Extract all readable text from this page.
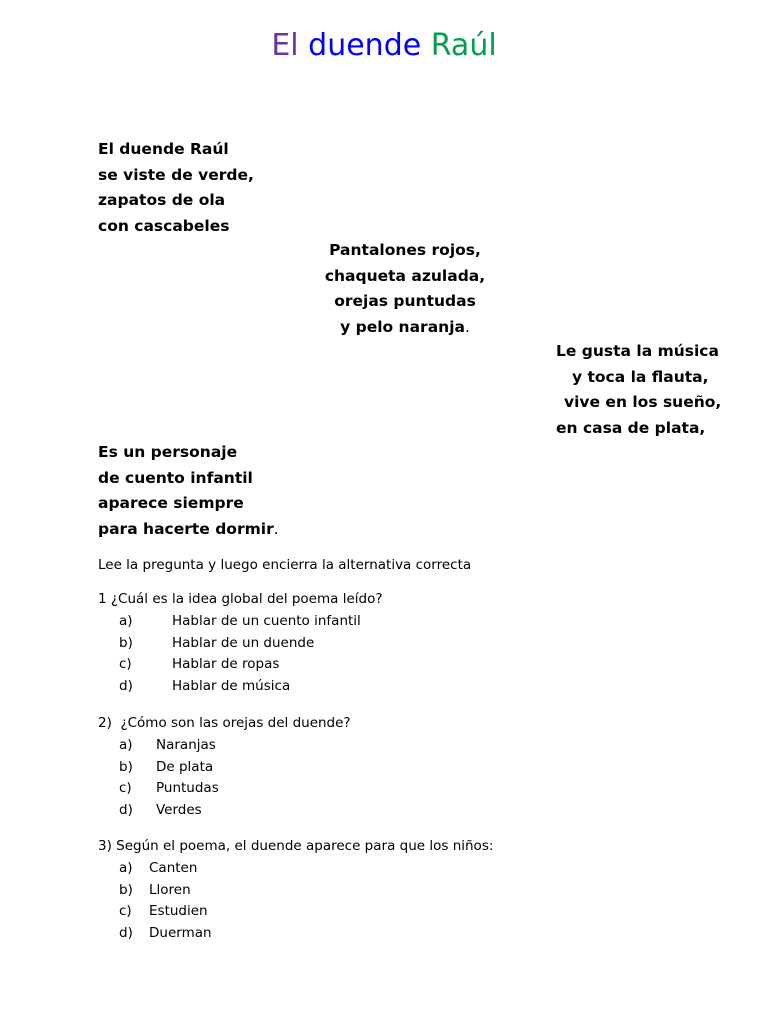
El duende Raúl
El duende Raúl
se viste de verde,
zapatos de ola
con cascabeles
Pantalones rojos,
chaqueta azulada,
orejas puntudas
y pelo naranja.
Le gusta la música
y toca la flauta,
vive en los sueño,
en casa de plata,
Es un personaje
de cuento infantil
aparece siempre
para hacerte dormir.
Lee la pregunta y luego encierra la alternativa correcta
1 ¿Cuál es la idea global del poema leído?
a)	Hablar de un cuento infantil
b)	Hablar de un duende
c)	Hablar de ropas
d)	Hablar de música
2)  ¿Cómo son las orejas del duende?
a) Naranjas
b) De plata
c) Puntudas
d) Verdes
3) Según el poema, el duende aparece para que los niños:
a) Canten
b) Lloren
c) Estudien
d) Duerman
